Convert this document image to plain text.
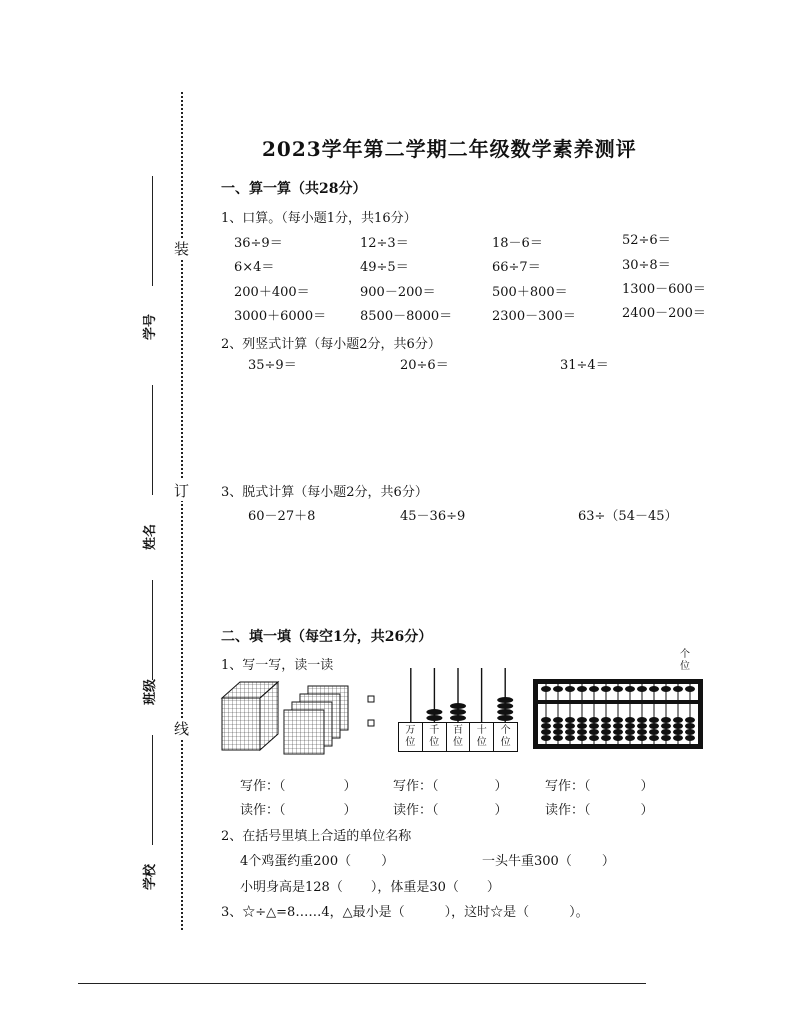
装
订
线
学号
姓名
班级
学校
2023学年第二学期二年级数学素养测评
一、算一算（共28分）
1、口算。（每小题1分，共16分）
36÷9＝	12÷3＝	18－6＝	52÷6＝
6×4＝	49÷5＝	66÷7＝	30÷8＝
200＋400＝	900－200＝	500＋800＝	1300－600＝
3000＋6000＝	8500－8000＝	2300－300＝	2400－200＝
2、列竖式计算（每小题2分，共6分）
35÷9＝	20÷6＝	31÷4＝
3、脱式计算（每小题2分，共6分）
60－27＋8	45－36÷9	63÷（54－45）
二、填一填（每空1分，共26分）
1、写一写，读一读
万位
千位
百位
十位
个位
个位
写作：（	）	写作：（	）	写作：（	）
读作：（	）	读作：（	）	读作：（	）
2、在括号里填上合适的单位名称
4个鸡蛋约重200（ ）	一头牛重300（ ）
小明身高是128（ ），体重是30（ ）
3、☆÷△=8……4，△最小是（	），这时☆是（	）。
